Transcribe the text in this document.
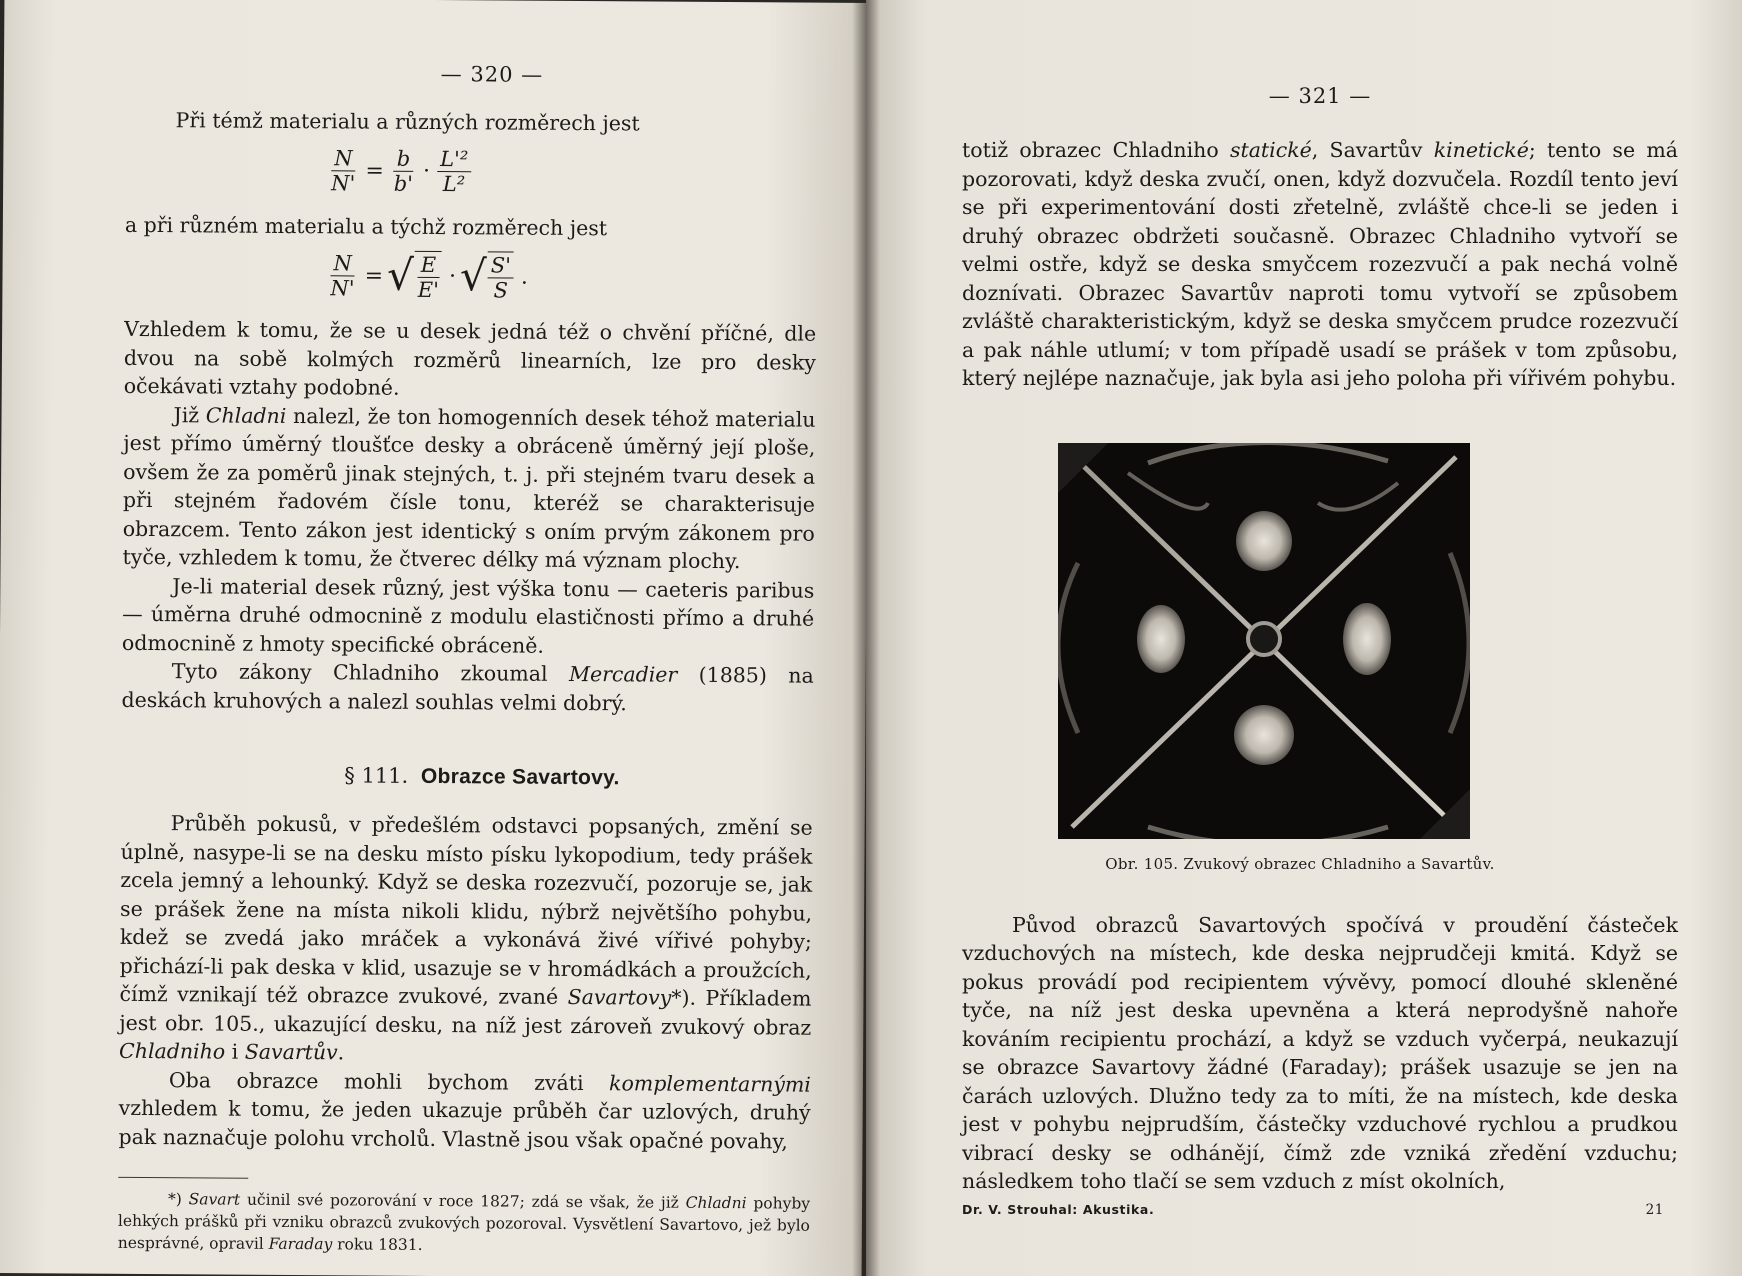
— 320 —

Při témž materialu a různých rozměrech jest

$\frac{N}{N'} = \frac{b}{b'} \cdot \frac{\text{L'²}}{\text{L²}}$

a při různém materialu a týchž rozměrech jest

$\frac{N}{N'}$ = √ $\frac{E}{E'}$ · √ $\frac{S'}{S}$ .

Vzhledem k tomu, že se u desek jedná též o chvění příčné, dle dvou na sobě kolmých rozměrů linearních, lze pro desky očekávati vztahy podobné.

Již Chladni nalezl, že ton homogenních desek téhož materialu jest přímo úměrný tloušťce desky a obráceně úměrný její ploše, ovšem že za poměrů jinak stejných, t. j. při stejném tvaru desek a při stejném řadovém čísle tonu, kteréž se charakterisuje obrazcem. Tento zákon jest identický s oním prvým zákonem pro tyče, vzhledem k tomu, že čtverec délky má význam plochy.

Je-li material desek různý, jest výška tonu — caeteris paribus — úměrna druhé odmocnině z modulu elastičnosti přímo a druhé odmocnině z hmoty specifické obráceně.

Tyto zákony Chladniho zkoumal Mercadier (1885) na deskách kruhových a nalezl souhlas velmi dobrý.

§ 111. Obrazce Savartovy.

Průběh pokusů, v předešlém odstavci popsaných, změní se úplně, nasype-li se na desku místo písku lykopodium, tedy prášek zcela jemný a lehounký. Když se deska rozezvučí, pozoruje se, jak se prášek žene na místa nikoli klidu, nýbrž největšího pohybu, kdež se zvedá jako mráček a vykonává živé vířivé pohyby; přichází-li pak deska v klid, usazuje se v hromádkách a proužcích, čímž vznikají též obrazce zvukové, zvané Savartovy*). Příkladem jest obr. 105., ukazující desku, na níž jest zároveň zvukový obraz Chladniho i Savartův.

Oba obrazce mohli bychom zváti komplementarnými vzhledem k tomu, že jeden ukazuje průběh čar uzlových, druhý pak naznačuje polohu vrcholů. Vlastně jsou však opačné povahy,

*) Savart učinil své pozorování v roce 1827; zdá se však, že již Chladni pohyby lehkých prášků při vzniku obrazců zvukových pozoroval. Vysvětlení Savartovo, jež bylo nesprávné, opravil Faraday roku 1831.

— 321 —

totiž obrazec Chladniho statické, Savartův kinetické; tento se má pozorovati, když deska zvučí, onen, když dozvučela. Rozdíl tento jeví se při experimentování dosti zřetelně, zvláště chce-li se jeden i druhý obrazec obdržeti současně. Obrazec Chladniho vytvoří se velmi ostře, když se deska smyčcem rozezvučí a pak nechá volně doznívati. Obrazec Savartův naproti tomu vytvoří se způsobem zvláště charakteristickým, když se deska smyčcem prudce rozezvučí a pak náhle utlumí; v tom případě usadí se prášek v tom způsobu, který nejlépe naznačuje, jak byla asi jeho poloha při vířivém pohybu.

Obr. 105. Zvukový obrazec Chladniho a Savartův.

Původ obrazců Savartových spočívá v proudění částeček vzduchových na místech, kde deska nejprudčeji kmitá. Když se pokus provádí pod recipientem vývěvy, pomocí dlouhé skleněné tyče, na níž jest deska upevněna a která neprodyšně nahoře kováním recipientu prochází, a když se vzduch vyčerpá, neukazují se obrazce Savartovy žádné (Faraday); prášek usazuje se jen na čarách uzlových. Dlužno tedy za to míti, že na místech, kde deska jest v pohybu nejprudším, částečky vzduchové rychlou a prudkou vibrací desky se odhánějí, čímž zde vzniká zředění vzduchu; následkem toho tlačí se sem vzduch z míst okolních,

Dr. V. Strouhal: Akustika.	21
